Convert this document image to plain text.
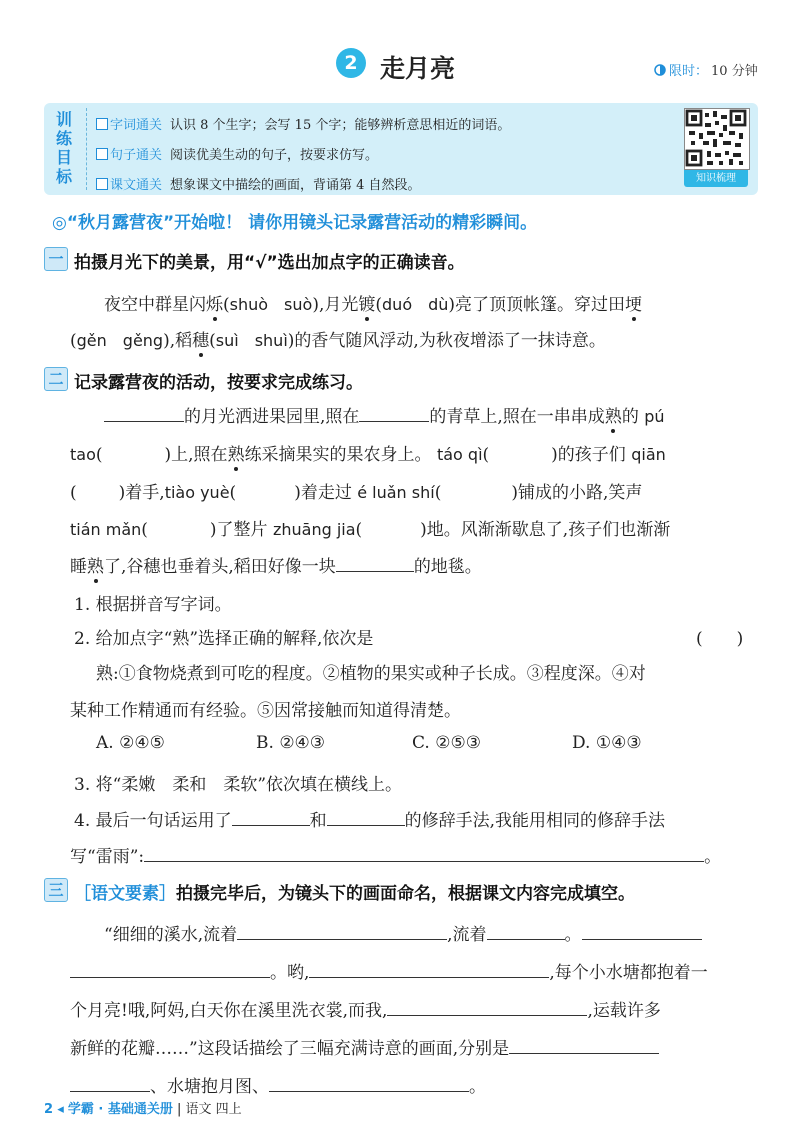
2 走月亮	限时： 10 分钟
训练目标
字词通关 认识 8 个生字；会写 15 个字；能够辨析意思相近的词语。
句子通关 阅读优美生动的句子，按要求仿写。
课文通关 想象课文中描绘的画面，背诵第 4 自然段。	知识梳理
◎“秋月露营夜”开始啦！ 请你用镜头记录露营活动的精彩瞬间。
一 拍摄月光下的美景，用“√”选出加点字的正确读音。
夜空中群星闪烁(shuò　suò),月光镀(duó　dù)亮了顶顶帐篷。穿过田埂
(gěn　gěng),稻穗(suì　shuì)的香气随风浮动,为秋夜增添了一抹诗意。
二 记录露营夜的活动，按要求完成练习。
的月光洒进果园里,照在	的青草上,照在一串串成熟的 pú
tao(	)上,照在熟练采摘果实的果农身上。 táo qì(	)的孩子们 qiān
( )着手,tiào yuè(	)着走过 é luǎn shí(	)铺成的小路,笑声
tián mǎn(	)了整片 zhuāng jia(	)地。风渐渐歇息了,孩子们也渐渐
睡熟了,谷穗也垂着头,稻田好像一块	的地毯。
1. 根据拼音写字词。
2. 给加点字“熟”选择正确的解释,依次是	(　　)
熟:①食物烧煮到可吃的程度。②植物的果实或种子长成。③程度深。④对
某种工作精通而有经验。⑤因常接触而知道得清楚。
A. ②④⑤	B. ②④③	C. ②⑤③	D. ①④③
3. 将“柔嫩　柔和　柔软”依次填在横线上。
4. 最后一句话运用了	和	的修辞手法,我能用相同的修辞手法
写“雷雨”:	。
三 ［语文要素］拍摄完毕后，为镜头下的画面命名，根据课文内容完成填空。
“细细的溪水,流着	,流着	。
。哟,	,每个小水塘都抱着一
个月亮!哦,阿妈,白天你在溪里洗衣裳,而我,	,运载许多
新鲜的花瓣……”这段话描绘了三幅充满诗意的画面,分别是
、水塘抱月图、	。
2 ◂ 学霸 · 基础通关册 | 语文 四上
